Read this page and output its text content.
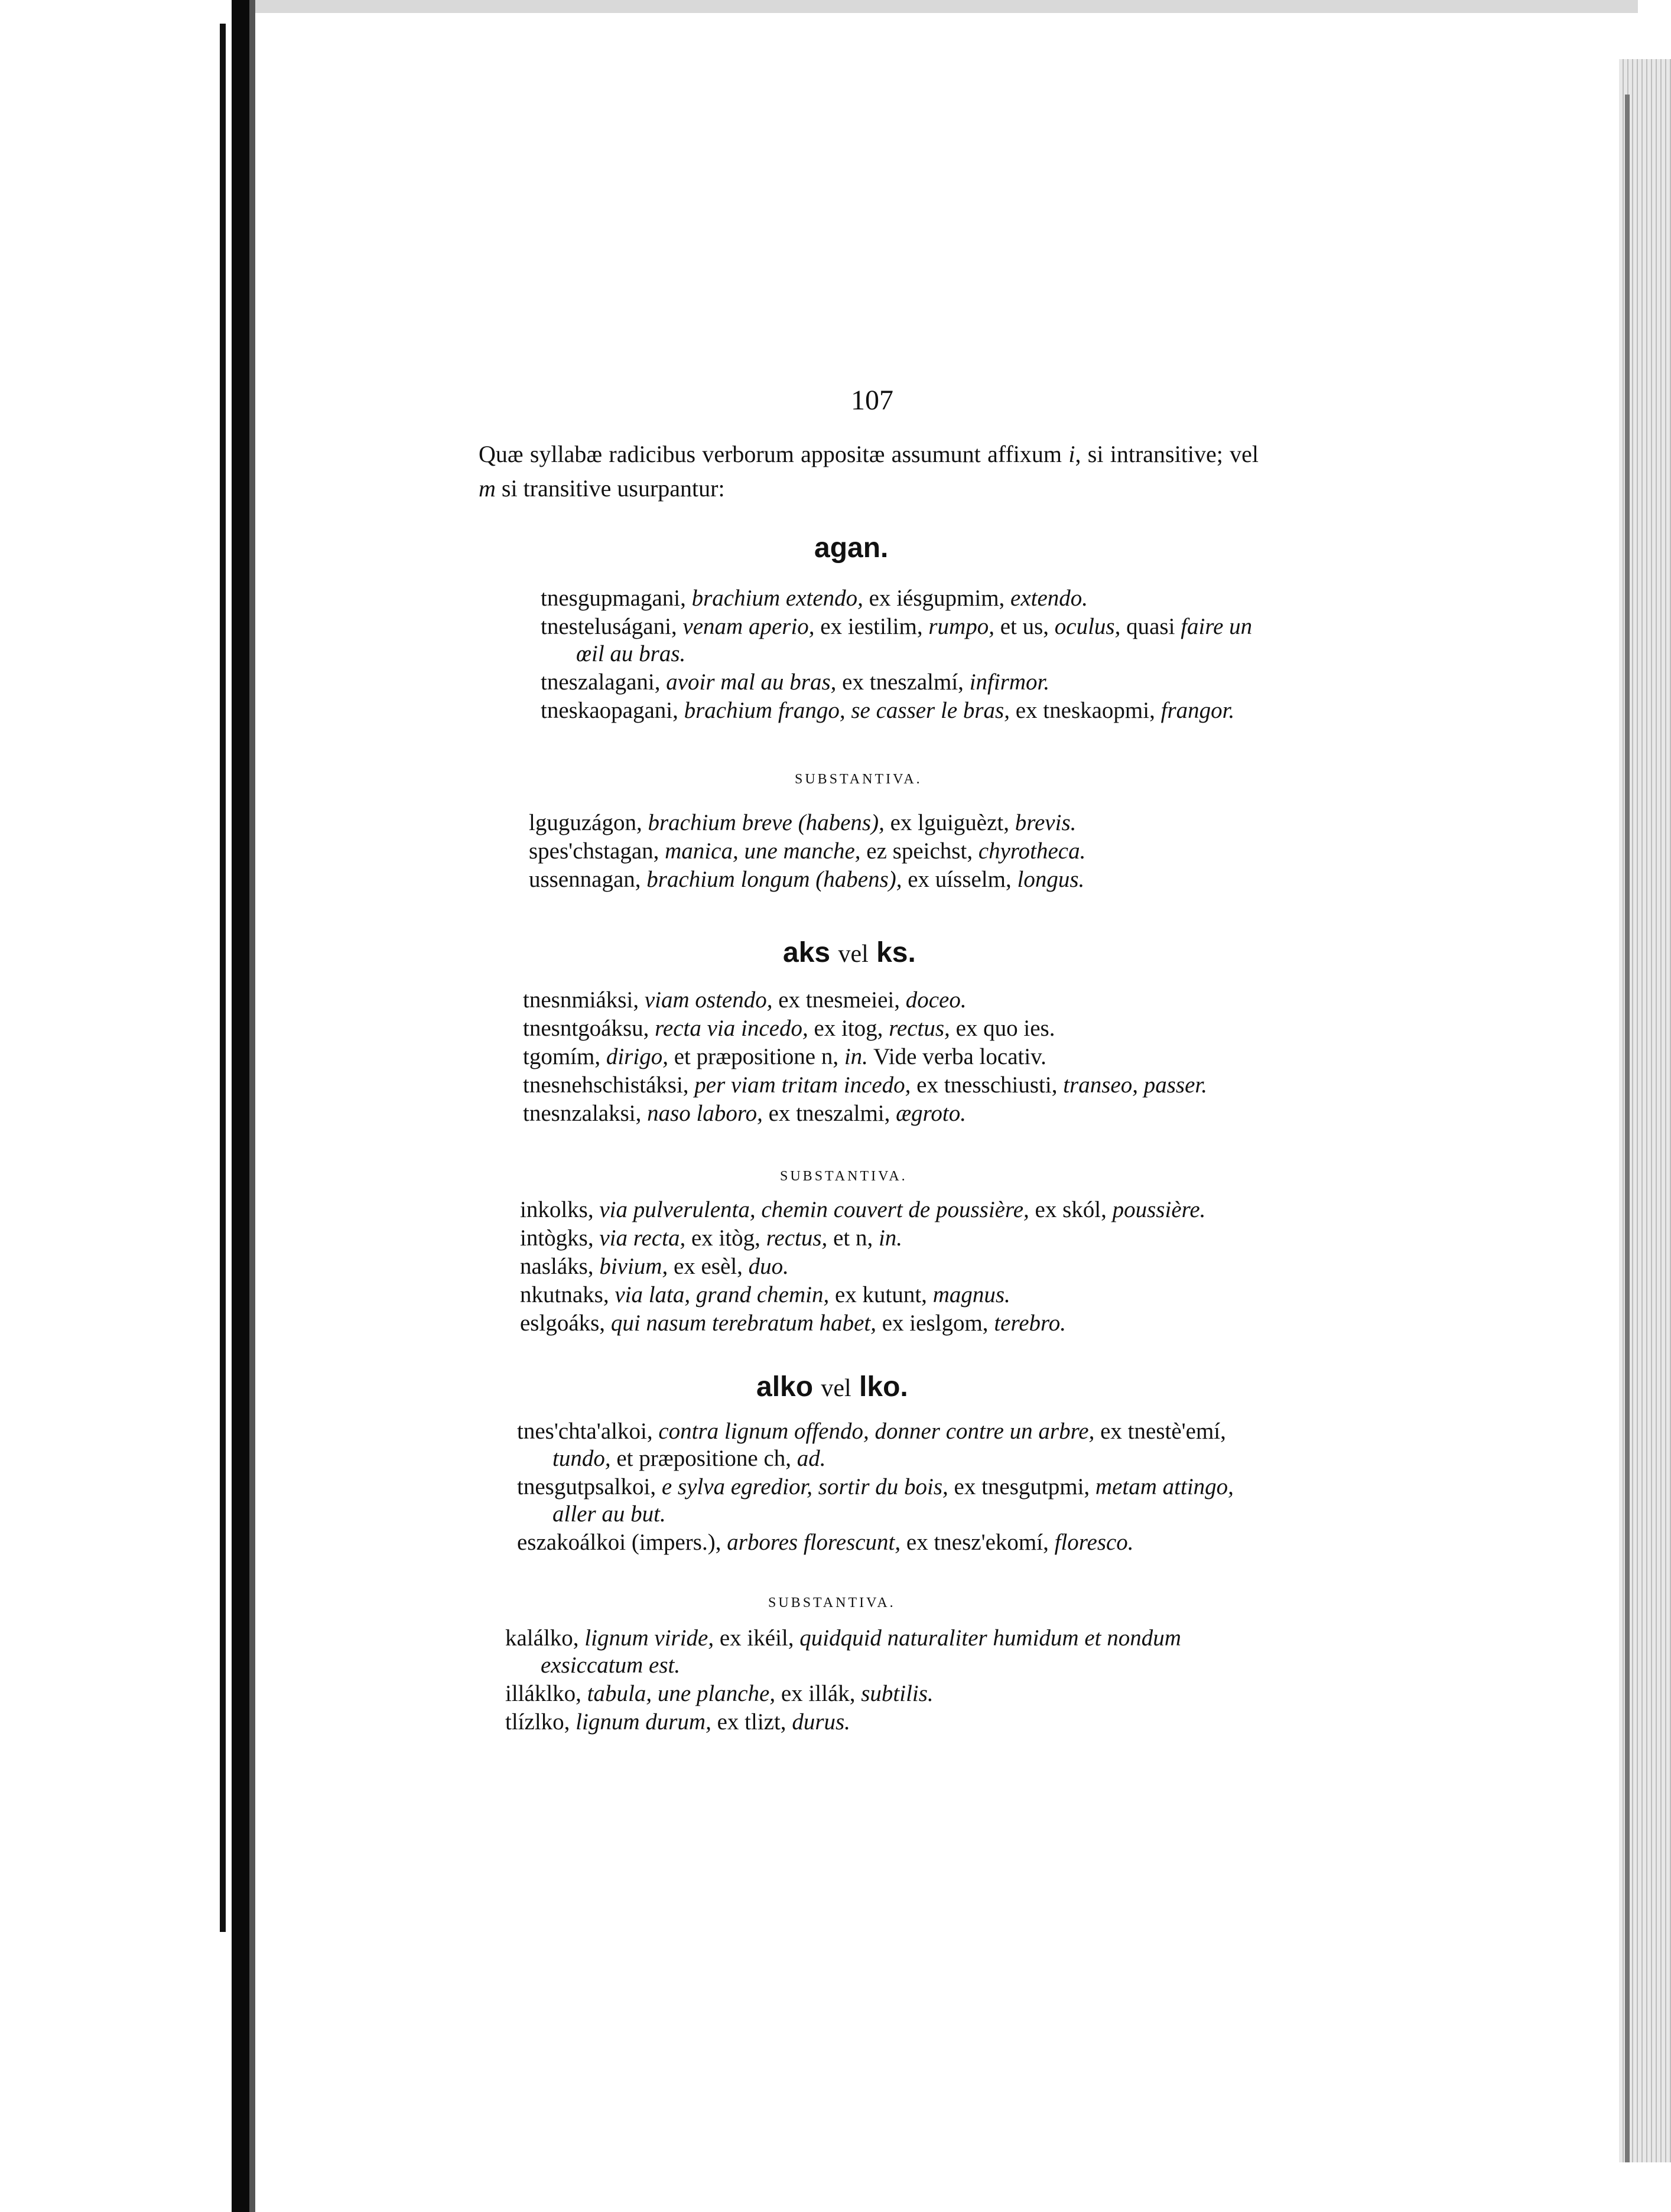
107
Quæ syllabæ radicibus verborum appositæ assumunt affixum i, si intransitive; vel m si transitive usurpantur:
agan.
tnesgupmagani, brachium extendo, ex iésgupmim, extendo.
tnesteluságani, venam aperio, ex iestilim, rumpo, et us, oculus, quasi faire un œil au bras.
tneszalagani, avoir mal au bras, ex tneszalmí, infirmor.
tneskaopagani, brachium frango, se casser le bras, ex tneskaopmi, frangor.
SUBSTANTIVA.
lguguzágon, brachium breve (habens), ex lguiguèzt, brevis.
spes'chstagan, manica, une manche, ez speichst, chyrotheca.
ussennagan, brachium longum (habens), ex uísselm, longus.
aks vel ks.
tnesnmiáksi, viam ostendo, ex tnesmeiei, doceo.
tnesntgoáksu, recta via incedo, ex itog, rectus, ex quo ies.
tgomím, dirigo, et præpositione n, in. Vide verba locativ.
tnesnehschistáksi, per viam tritam incedo, ex tnesschiusti, transeo, passer.
tnesnzalaksi, naso laboro, ex tneszalmi, ægroto.
SUBSTANTIVA.
inkolks, via pulverulenta, chemin couvert de poussière, ex skól, poussière.
intògks, via recta, ex itòg, rectus, et n, in.
nasláks, bivium, ex esèl, duo.
nkutnaks, via lata, grand chemin, ex kutunt, magnus.
eslgoáks, qui nasum terebratum habet, ex ieslgom, terebro.
alko vel lko.
tnes'chta'alkoi, contra lignum offendo, donner contre un arbre, ex tnestè'emí, tundo, et præpositione ch, ad.
tnesgutpsalkoi, e sylva egredior, sortir du bois, ex tnesgutpmi, metam attingo, aller au but.
eszakoálkoi (impers.), arbores florescunt, ex tnesz'ekomí, floresco.
SUBSTANTIVA.
kalálko, lignum viride, ex ikéil, quidquid naturaliter humidum et nondum exsiccatum est.
illáklko, tabula, une planche, ex illák, subtilis.
tlízlko, lignum durum, ex tlizt, durus.
